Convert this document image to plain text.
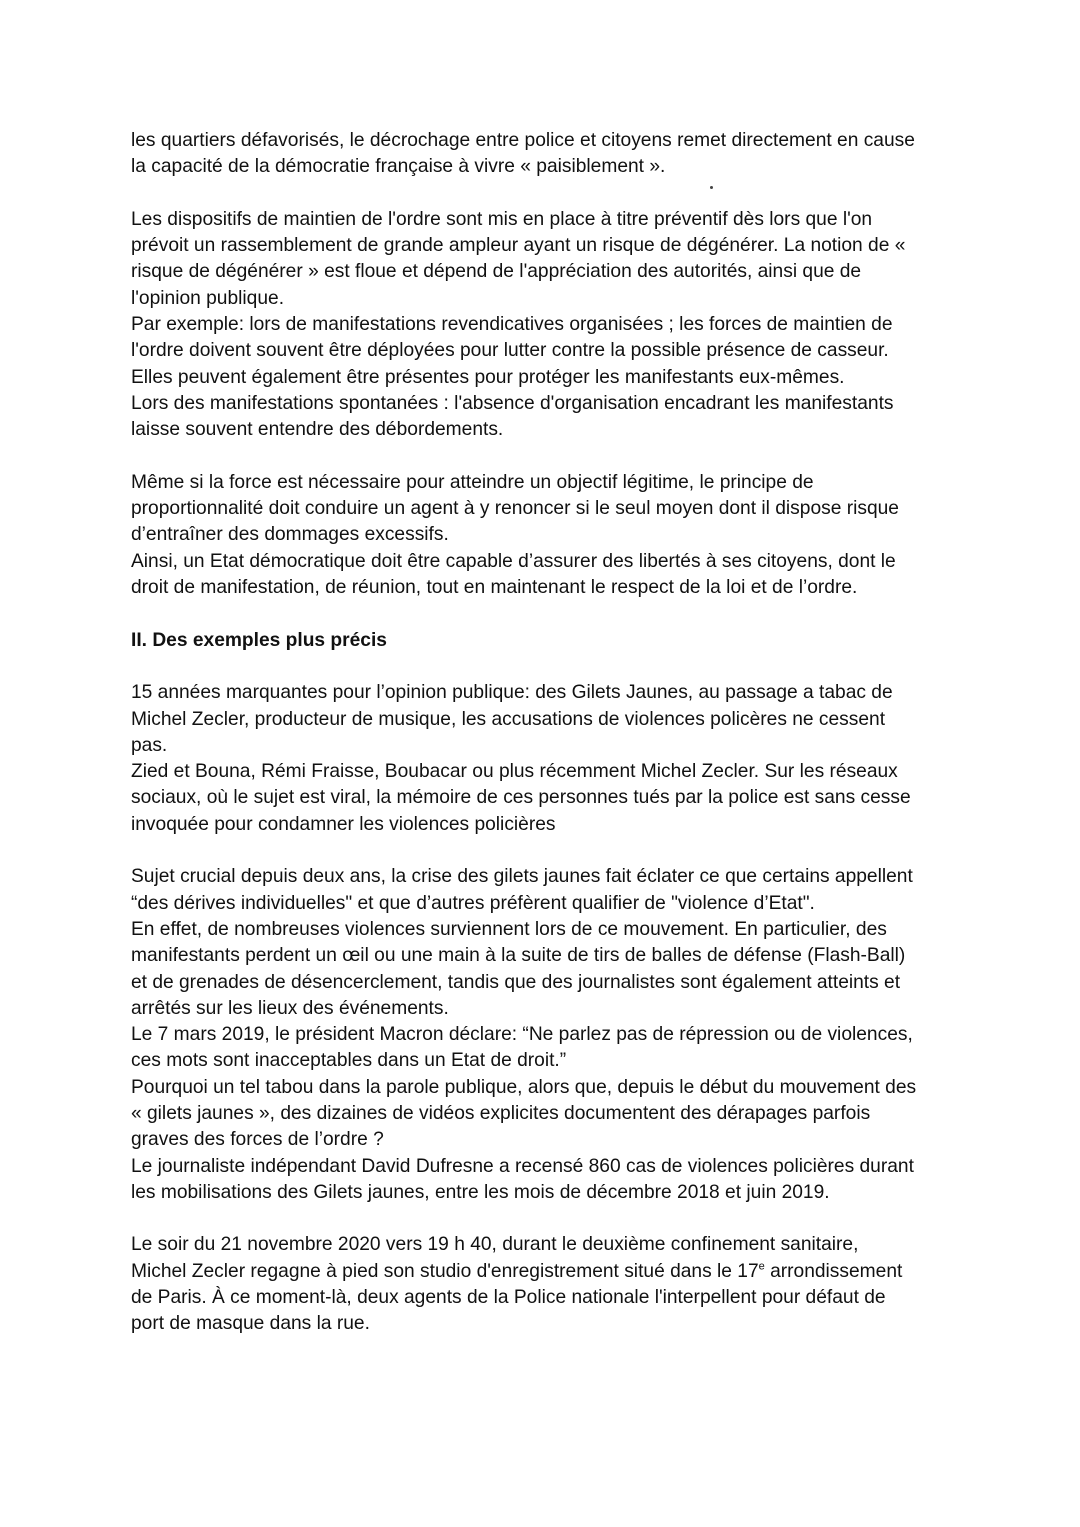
les quartiers défavorisés, le décrochage entre police et citoyens remet directement en cause
la capacité de la démocratie française à vivre « paisiblement ».
Les dispositifs de maintien de l'ordre sont mis en place à titre préventif dès lors que l'on
prévoit un rassemblement de grande ampleur ayant un risque de dégénérer. La notion de «
risque de dégénérer » est floue et dépend de l'appréciation des autorités, ainsi que de
l'opinion publique.
Par exemple: lors de manifestations revendicatives organisées ; les forces de maintien de
l'ordre doivent souvent être déployées pour lutter contre la possible présence de casseur.
Elles peuvent également être présentes pour protéger les manifestants eux-mêmes.
Lors des manifestations spontanées : l'absence d'organisation encadrant les manifestants
laisse souvent entendre des débordements.
Même si la force est nécessaire pour atteindre un objectif légitime, le principe de
proportionnalité doit conduire un agent à y renoncer si le seul moyen dont il dispose risque
d’entraîner des dommages excessifs.
Ainsi, un Etat démocratique doit être capable d’assurer des libertés à ses citoyens, dont le
droit de manifestation, de réunion, tout en maintenant le respect de la loi et de l’ordre.
II. Des exemples plus précis
15 années marquantes pour l’opinion publique: des Gilets Jaunes, au passage a tabac de
Michel Zecler, producteur de musique, les accusations de violences policères ne cessent
pas.
Zied et Bouna, Rémi Fraisse, Boubacar ou plus récemment Michel Zecler. Sur les réseaux
sociaux, où le sujet est viral, la mémoire de ces personnes tués par la police est sans cesse
invoquée pour condamner les violences policières
Sujet crucial depuis deux ans, la crise des gilets jaunes fait éclater ce que certains appellent
“des dérives individuelles" et que d’autres préfèrent qualifier de "violence d’Etat".
En effet, de nombreuses violences surviennent lors de ce mouvement. En particulier, des
manifestants perdent un œil ou une main à la suite de tirs de balles de défense (Flash-Ball)
et de grenades de désencerclement, tandis que des journalistes sont également atteints et
arrêtés sur les lieux des événements.
Le 7 mars 2019, le président Macron déclare: “Ne parlez pas de répression ou de violences,
ces mots sont inacceptables dans un Etat de droit.”
Pourquoi un tel tabou dans la parole publique, alors que, depuis le début du mouvement des
« gilets jaunes », des dizaines de vidéos explicites documentent des dérapages parfois
graves des forces de l’ordre ?
Le journaliste indépendant David Dufresne a recensé 860 cas de violences policières durant
les mobilisations des Gilets jaunes, entre les mois de décembre 2018 et juin 2019.
Le soir du 21 novembre 2020 vers 19 h 40, durant le deuxième confinement sanitaire,
Michel Zecler regagne à pied son studio d'enregistrement situé dans le 17e arrondissement
de Paris. À ce moment-là, deux agents de la Police nationale l'interpellent pour défaut de
port de masque dans la rue.
